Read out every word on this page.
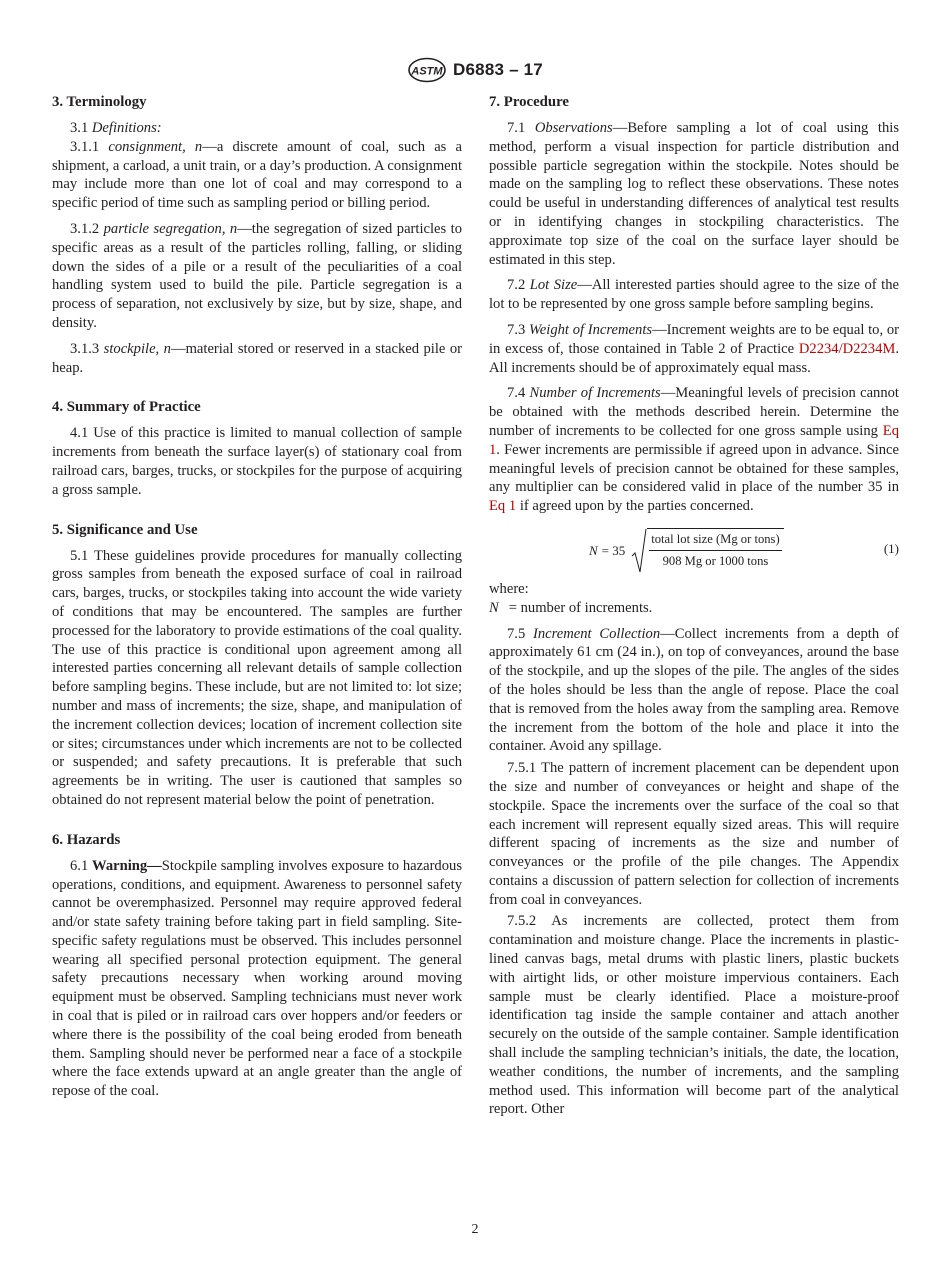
ASTM D6883 – 17
3. Terminology

3.1 Definitions:

3.1.1 consignment, n—a discrete amount of coal, such as a shipment, a carload, a unit train, or a day’s production. A consignment may include more than one lot of coal and may correspond to a specific period of time such as sampling period or billing period.

3.1.2 particle segregation, n—the segregation of sized particles to specific areas as a result of the particles rolling, falling, or sliding down the sides of a pile or a result of the peculiarities of a coal handling system used to build the pile. Particle segregation is a process of separation, not exclusively by size, but by size, shape, and density.

3.1.3 stockpile, n—material stored or reserved in a stacked pile or heap.

4. Summary of Practice

4.1 Use of this practice is limited to manual collection of sample increments from beneath the surface layer(s) of stationary coal from railroad cars, barges, trucks, or stockpiles for the purpose of acquiring a gross sample.

5. Significance and Use

5.1 These guidelines provide procedures for manually collecting gross samples from beneath the exposed surface of coal in railroad cars, barges, trucks, or stockpiles taking into account the wide variety of conditions that may be encountered. The samples are further processed for the laboratory to provide estimations of the coal quality. The use of this practice is conditional upon agreement among all interested parties concerning all relevant details of sample collection before sampling begins. These include, but are not limited to: lot size; number and mass of increments; the size, shape, and manipulation of the increment collection devices; location of increment collection site or sites; circumstances under which increments are not to be collected or suspended; and safety precautions. It is preferable that such agreements be in writing. The user is cautioned that samples so obtained do not represent material below the point of penetration.

6. Hazards

6.1 Warning—Stockpile sampling involves exposure to hazardous operations, conditions, and equipment. Awareness to personnel safety cannot be overemphasized. Personnel may require approved federal and/or state safety training before taking part in field sampling. Site-specific safety regulations must be observed. This includes personnel wearing all specified personal protection equipment. The general safety precautions necessary when working around moving equipment must be observed. Sampling technicians must never work in coal that is piled or in railroad cars over hoppers and/or feeders or where there is the possibility of the coal being eroded from beneath them. Sampling should never be performed near a face of a stockpile where the face extends upward at an angle greater than the angle of repose of the coal.

7. Procedure

7.1 Observations—Before sampling a lot of coal using this method, perform a visual inspection for particle distribution and possible particle segregation within the stockpile. Notes should be made on the sampling log to reflect these observations. These notes could be useful in understanding differences of analytical test results or in identifying changes in stockpiling characteristics. The approximate top size of the coal on the surface layer should be estimated in this step.

7.2 Lot Size—All interested parties should agree to the size of the lot to be represented by one gross sample before sampling begins.

7.3 Weight of Increments—Increment weights are to be equal to, or in excess of, those contained in Table 2 of Practice D2234/D2234M. All increments should be of approximately equal mass.

7.4 Number of Increments—Meaningful levels of precision cannot be obtained with the methods described herein. Determine the number of increments to be collected for one gross sample using Eq 1. Fewer increments are permissible if agreed upon in advance. Since meaningful levels of precision cannot be obtained for these samples, any multiplier can be considered valid in place of the number 35 in Eq 1 if agreed upon by the parties concerned.

$N = 35 \frac{\text{total lot size (Mg or tons)}}{\text{908 Mg or 1000 tons}}$	(1)

where:

N = number of increments.

7.5 Increment Collection—Collect increments from a depth of approximately 61 cm (24 in.), on top of conveyances, around the base of the stockpile, and up the slopes of the pile. The angles of the sides of the holes should be less than the angle of repose. Place the coal that is removed from the holes away from the sampling area. Remove the increment from the bottom of the hole and place it into the container. Avoid any spillage.

7.5.1 The pattern of increment placement can be dependent upon the size and number of conveyances or height and shape of the stockpile. Space the increments over the surface of the coal so that each increment will represent equally sized areas. This will require different spacing of increments as the size and number of conveyances or the profile of the pile changes. The Appendix contains a discussion of pattern selection for collection of increments from coal in conveyances.

7.5.2 As increments are collected, protect them from contamination and moisture change. Place the increments in plastic-lined canvas bags, metal drums with plastic liners, plastic buckets with airtight lids, or other moisture impervious containers. Each sample must be clearly identified. Place a moisture-proof identification tag inside the sample container and attach another securely on the outside of the sample container. Sample identification shall include the sampling technician’s initials, the date, the location, weather conditions, the number of increments, and the sampling method used. This information will become part of the analytical report. Other

2
